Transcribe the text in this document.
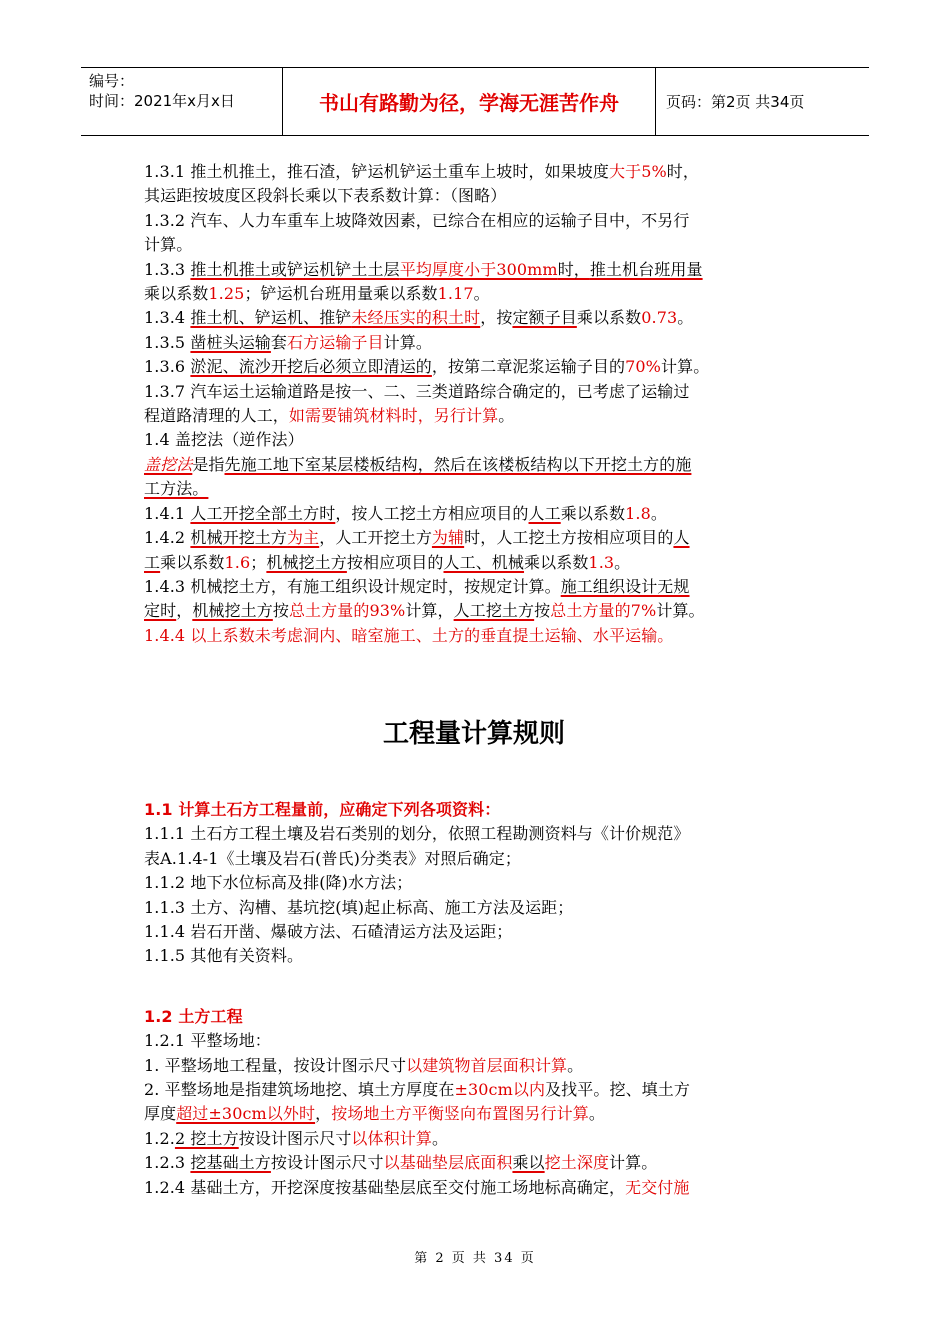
编号：
时间：2021年x月x日	书山有路勤为径，学海无涯苦作舟	页码：第2页 共34页
1.3.1 推土机推土，推石渣，铲运机铲运土重车上坡时，如果坡度大于5%时，
其运距按坡度区段斜长乘以下表系数计算：（图略）
1.3.2 汽车、人力车重车上坡降效因素，已综合在相应的运输子目中，不另行
计算。
1.3.3 推土机推土或铲运机铲土土层平均厚度小于300mm时，推土机台班用量
乘以系数1.25；铲运机台班用量乘以系数1.17。
1.3.4 推土机、铲运机、推铲未经压实的积土时，按定额子目乘以系数0.73。
1.3.5 凿桩头运输套石方运输子目计算。
1.3.6 淤泥、流沙开挖后必须立即清运的，按第二章泥浆运输子目的70%计算。
1.3.7 汽车运土运输道路是按一、二、三类道路综合确定的，已考虑了运输过
程道路清理的人工，如需要铺筑材料时，另行计算。
1.4 盖挖法（逆作法）
盖挖法是指先施工地下室某层楼板结构，然后在该楼板结构以下开挖土方的施
工方法。
1.4.1 人工开挖全部土方时，按人工挖土方相应项目的人工乘以系数1.8。
1.4.2 机械开挖土方为主，人工开挖土方为辅时，人工挖土方按相应项目的人
工乘以系数1.6；机械挖土方按相应项目的人工、机械乘以系数1.3。
1.4.3 机械挖土方，有施工组织设计规定时，按规定计算。施工组织设计无规
定时，机械挖土方按总土方量的93%计算，人工挖土方按总土方量的7%计算。
1.4.4 以上系数未考虑洞内、暗室施工、土方的垂直提土运输、水平运输。
工程量计算规则
1.1 计算土石方工程量前，应确定下列各项资料：
1.1.1 土石方工程土壤及岩石类别的划分，依照工程勘测资料与《计价规范》
表A.1.4-1《土壤及岩石(普氏)分类表》对照后确定；
1.1.2 地下水位标高及排(降)水方法；
1.1.3 土方、沟槽、基坑挖(填)起止标高、施工方法及运距；
1.1.4 岩石开凿、爆破方法、石碴清运方法及运距；
1.1.5 其他有关资料。
1.2 土方工程
1.2.1 平整场地：
1. 平整场地工程量，按设计图示尺寸以建筑物首层面积计算。
2. 平整场地是指建筑场地挖、填土方厚度在±30cm以内及找平。挖、填土方
厚度超过±30cm以外时，按场地土方平衡竖向布置图另行计算。
1.2.2 挖土方按设计图示尺寸以体积计算。
1.2.3 挖基础土方按设计图示尺寸以基础垫层底面积乘以挖土深度计算。
1.2.4 基础土方，开挖深度按基础垫层底至交付施工场地标高确定，无交付施
第 2 页 共 34 页
